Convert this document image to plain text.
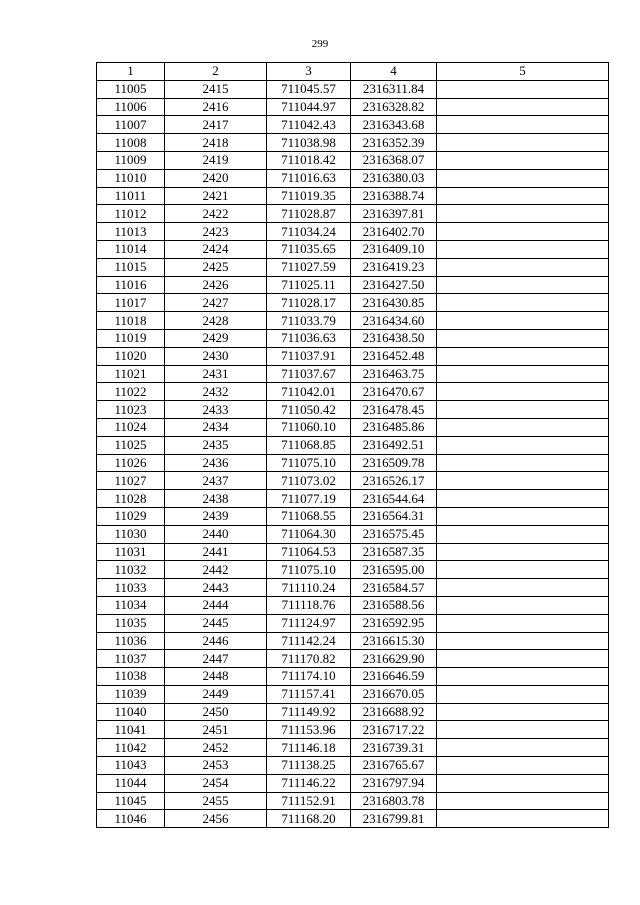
299
1	2	3	4	5
11005	2415	711045.57	2316311.84	
11006	2416	711044.97	2316328.82	
11007	2417	711042.43	2316343.68	
11008	2418	711038.98	2316352.39	
11009	2419	711018.42	2316368.07	
11010	2420	711016.63	2316380.03	
11011	2421	711019.35	2316388.74	
11012	2422	711028.87	2316397.81	
11013	2423	711034.24	2316402.70	
11014	2424	711035.65	2316409.10	
11015	2425	711027.59	2316419.23	
11016	2426	711025.11	2316427.50	
11017	2427	711028.17	2316430.85	
11018	2428	711033.79	2316434.60	
11019	2429	711036.63	2316438.50	
11020	2430	711037.91	2316452.48	
11021	2431	711037.67	2316463.75	
11022	2432	711042.01	2316470.67	
11023	2433	711050.42	2316478.45	
11024	2434	711060.10	2316485.86	
11025	2435	711068.85	2316492.51	
11026	2436	711075.10	2316509.78	
11027	2437	711073.02	2316526.17	
11028	2438	711077.19	2316544.64	
11029	2439	711068.55	2316564.31	
11030	2440	711064.30	2316575.45	
11031	2441	711064.53	2316587.35	
11032	2442	711075.10	2316595.00	
11033	2443	711110.24	2316584.57	
11034	2444	711118.76	2316588.56	
11035	2445	711124.97	2316592.95	
11036	2446	711142.24	2316615.30	
11037	2447	711170.82	2316629.90	
11038	2448	711174.10	2316646.59	
11039	2449	711157.41	2316670.05	
11040	2450	711149.92	2316688.92	
11041	2451	711153.96	2316717.22	
11042	2452	711146.18	2316739.31	
11043	2453	711138.25	2316765.67	
11044	2454	711146.22	2316797.94	
11045	2455	711152.91	2316803.78	
11046	2456	711168.20	2316799.81	
